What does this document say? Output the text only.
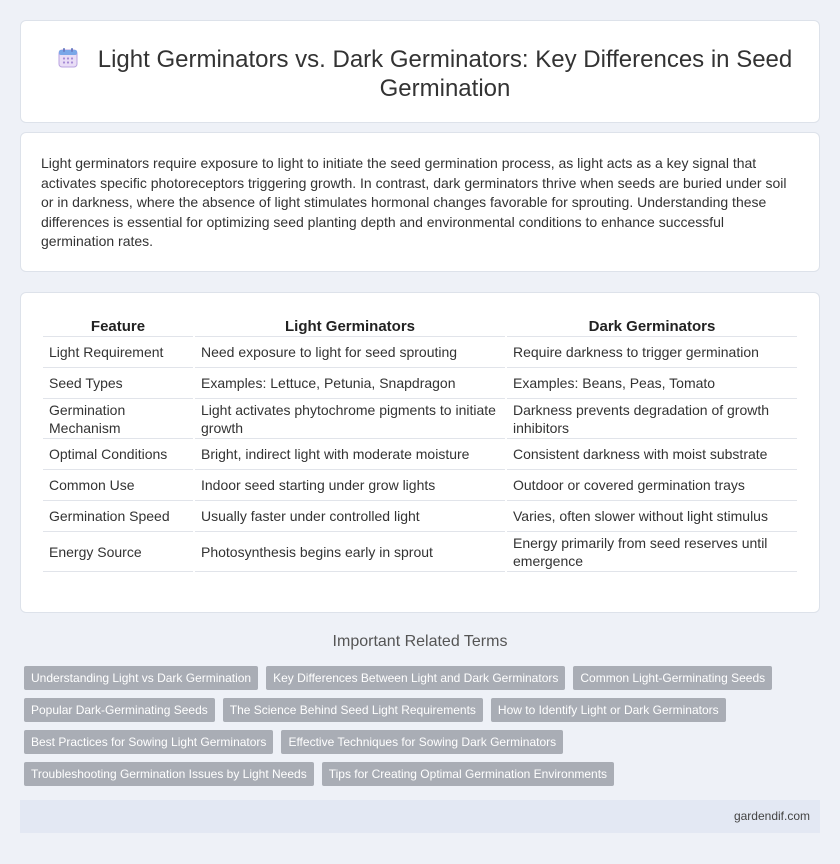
Light Germinators vs. Dark Germinators: Key Differences in Seed Germination

Light germinators require exposure to light to initiate the seed germination process, as light acts as a key signal that activates specific photoreceptors triggering growth. In contrast, dark germinators thrive when seeds are buried under soil or in darkness, where the absence of light stimulates hormonal changes favorable for sprouting. Understanding these differences is essential for optimizing seed planting depth and environmental conditions to enhance successful germination rates.

Feature	Light Germinators	Dark Germinators
Light Requirement	Need exposure to light for seed sprouting	Require darkness to trigger germination
Seed Types	Examples: Lettuce, Petunia, Snapdragon	Examples: Beans, Peas, Tomato
Germination Mechanism	Light activates phytochrome pigments to initiate growth	Darkness prevents degradation of growth inhibitors
Optimal Conditions	Bright, indirect light with moderate moisture	Consistent darkness with moist substrate
Common Use	Indoor seed starting under grow lights	Outdoor or covered germination trays
Germination Speed	Usually faster under controlled light	Varies, often slower without light stimulus
Energy Source	Photosynthesis begins early in sprout	Energy primarily from seed reserves until emergence
Important Related Terms
Understanding Light vs Dark Germination	Key Differences Between Light and Dark Germinators	Common Light-Germinating Seeds
Popular Dark-Germinating Seeds	The Science Behind Seed Light Requirements	How to Identify Light or Dark Germinators
Best Practices for Sowing Light Germinators	Effective Techniques for Sowing Dark Germinators
Troubleshooting Germination Issues by Light Needs	Tips for Creating Optimal Germination Environments
gardendif.com
